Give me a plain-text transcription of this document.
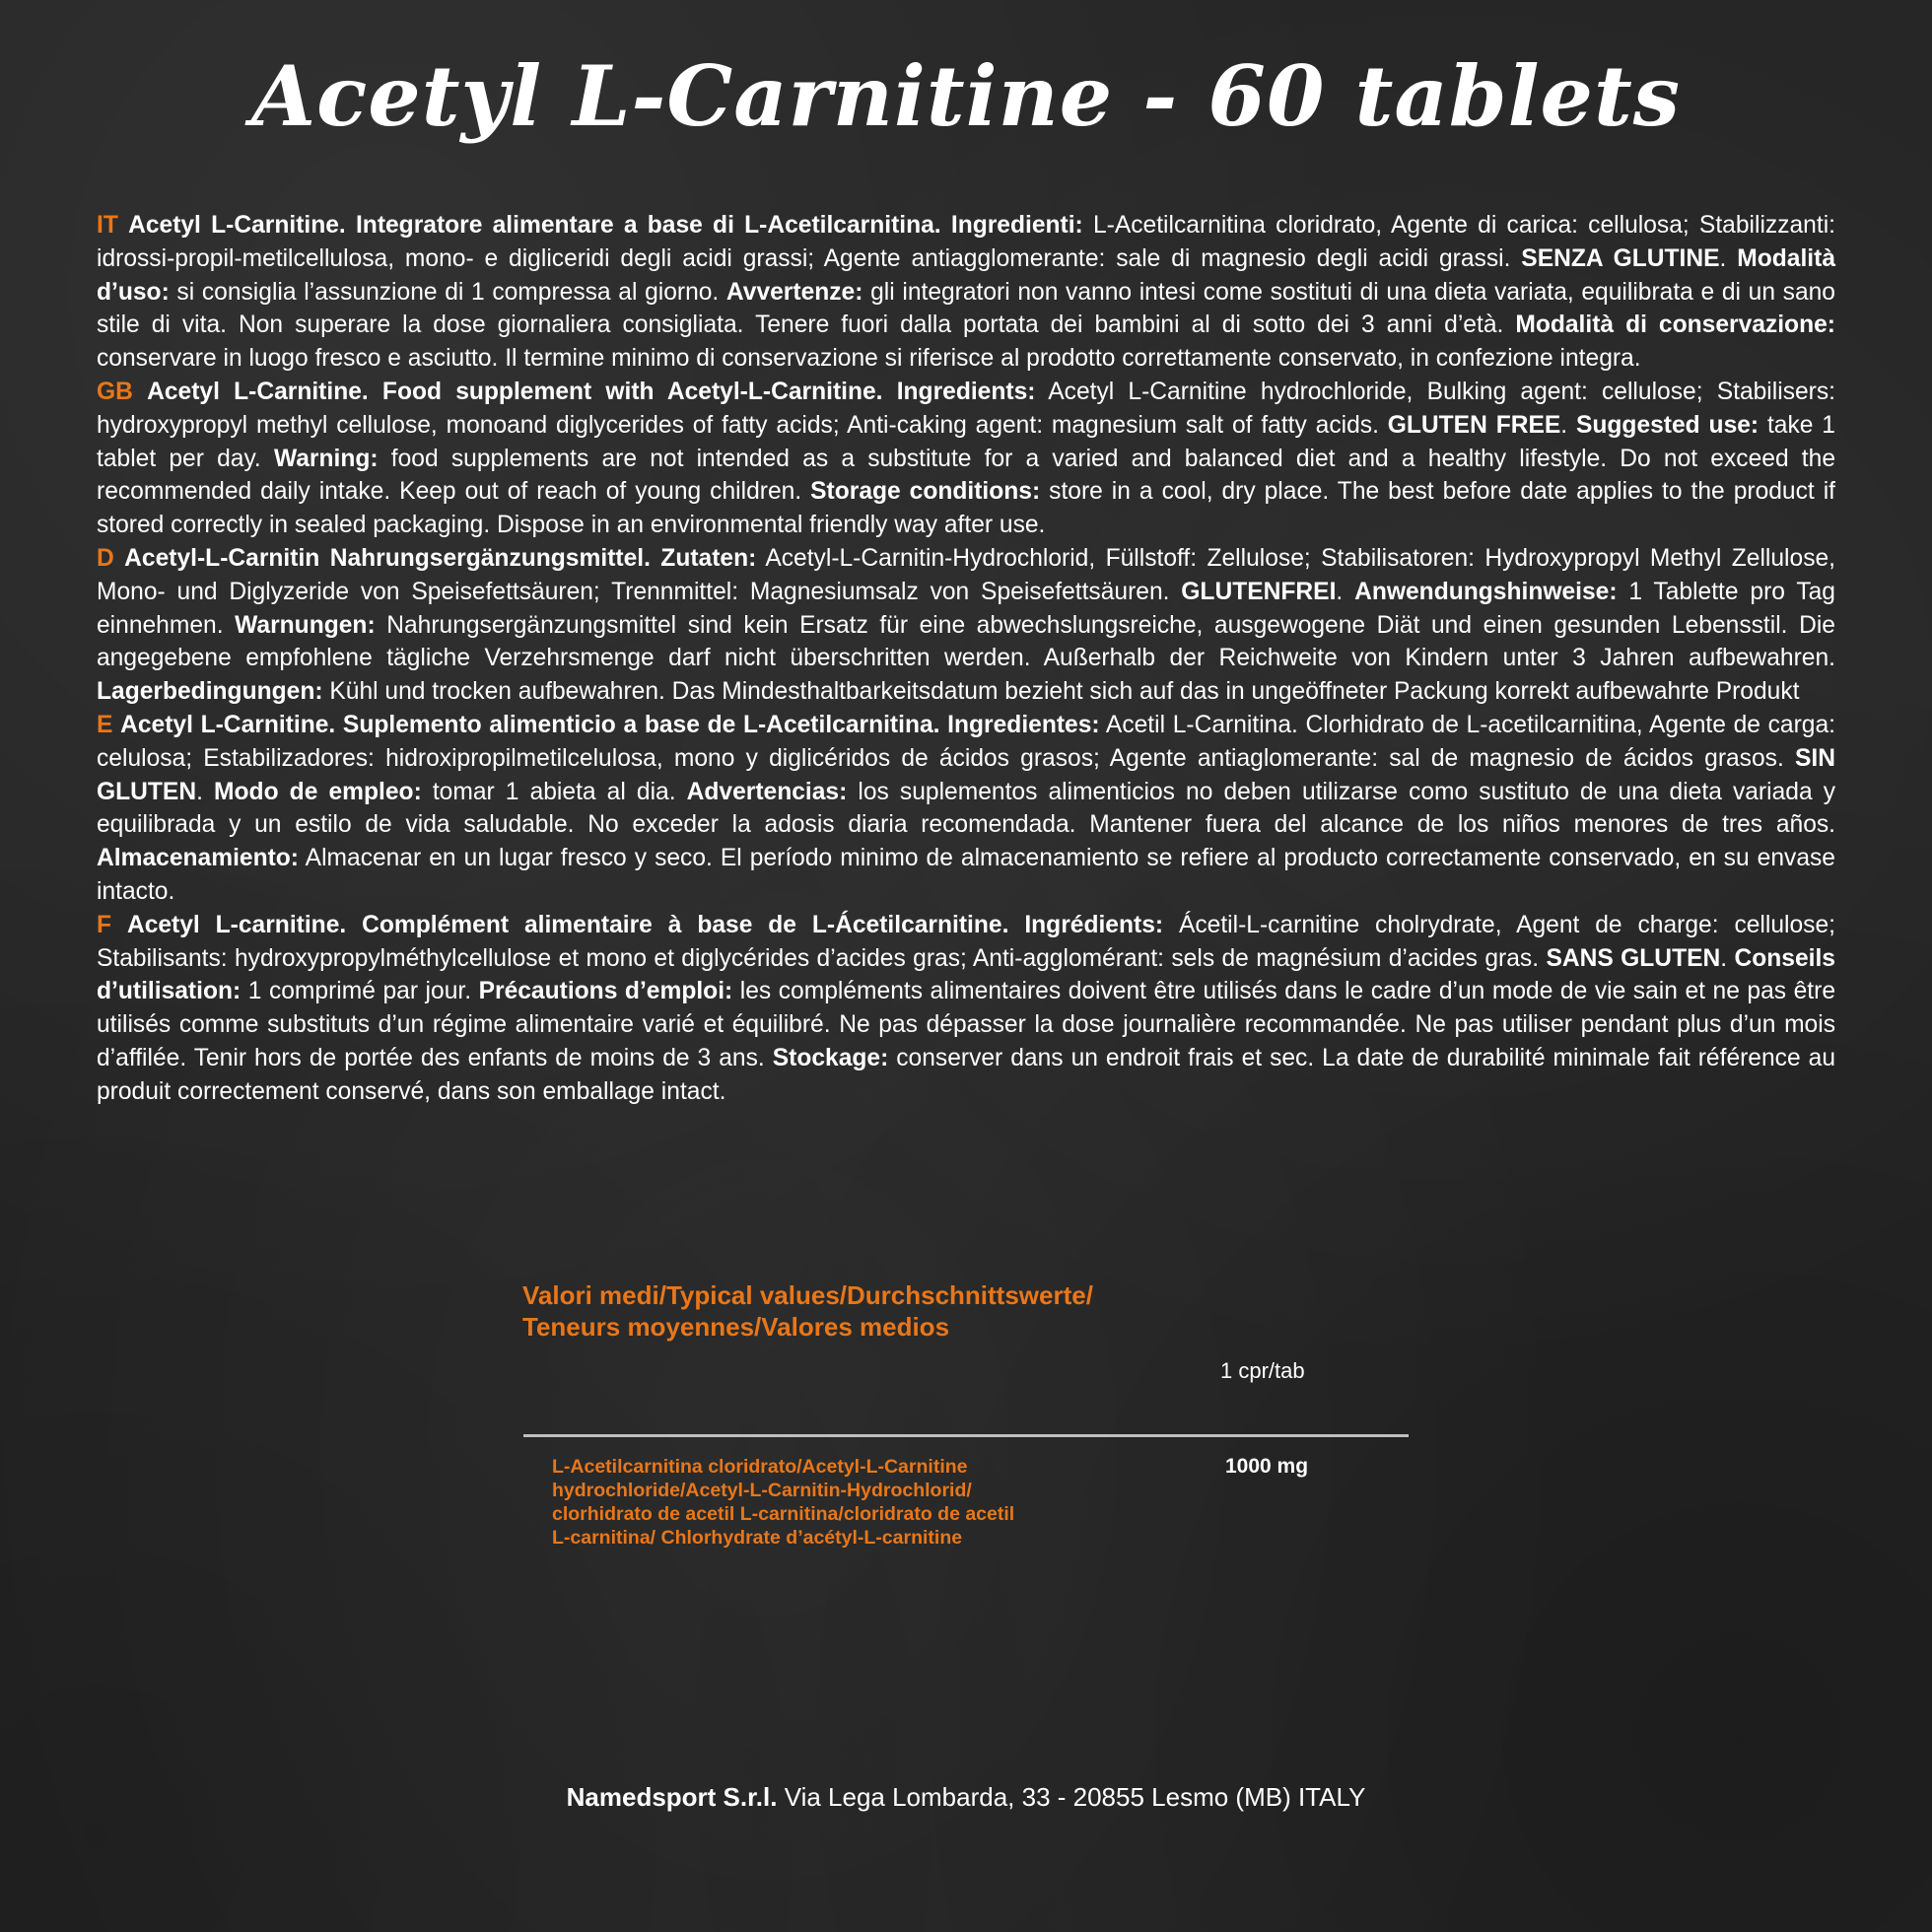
Acetyl L-Carnitine - 60 tablets

IT Acetyl L-Carnitine. Integratore alimentare a base di L-Acetilcarnitina. Ingredienti: L-Acetilcarnitina cloridrato, Agente di carica: cellulosa; Stabilizzanti: idrossi-propil-metilcellulosa, mono- e digliceridi degli acidi grassi; Agente antiagglomerante: sale di magnesio degli acidi grassi. SENZA GLUTINE. Modalità d’uso: si consiglia l’assunzione di 1 compressa al giorno. Avvertenze: gli integratori non vanno intesi come sostituti di una dieta variata, equilibrata e di un sano stile di vita. Non superare la dose giornaliera consigliata. Tenere fuori dalla portata dei bambini al di sotto dei 3 anni d’età. Modalità di conservazione: conservare in luogo fresco e asciutto. Il termine minimo di conservazione si riferisce al prodotto correttamente conservato, in confezione integra.

GB Acetyl L-Carnitine. Food supplement with Acetyl-L-Carnitine. Ingredients: Acetyl L-Carnitine hydrochloride, Bulking agent: cellulose; Stabilisers: hydroxypropyl methyl cellulose, monoand diglycerides of fatty acids; Anti-caking agent: magnesium salt of fatty acids. GLUTEN FREE. Suggested use: take 1 tablet per day. Warning: food supplements are not intended as a substitute for a varied and balanced diet and a healthy lifestyle. Do not exceed the recommended daily intake. Keep out of reach of young children. Storage conditions: store in a cool, dry place. The best before date applies to the product if stored correctly in sealed packaging. Dispose in an environmental friendly way after use.

D Acetyl-L-Carnitin Nahrungsergänzungsmittel. Zutaten: Acetyl-L-Carnitin-Hydrochlorid, Füllstoff: Zellulose; Stabilisatoren: Hydroxypropyl Methyl Zellulose, Mono- und Diglyzeride von Speisefettsäuren; Trennmittel: Magnesiumsalz von Speisefettsäuren. GLUTENFREI. Anwendungshinweise: 1 Tablette pro Tag einnehmen. Warnungen: Nahrungsergänzungsmittel sind kein Ersatz für eine abwechslungsreiche, ausgewogene Diät und einen gesunden Lebensstil. Die angegebene empfohlene tägliche Verzehrsmenge darf nicht überschritten werden. Außerhalb der Reichweite von Kindern unter 3 Jahren aufbewahren. Lagerbedingungen: Kühl und trocken aufbewahren. Das Mindesthaltbarkeitsdatum bezieht sich auf das in ungeöffneter Packung korrekt aufbewahrte Produkt

E Acetyl L-Carnitine. Suplemento alimenticio a base de L-Acetilcarnitina. Ingredientes: Acetil L-Carnitina. Clorhidrato de L-acetilcarnitina, Agente de carga: celulosa; Estabilizadores: hidroxipropilmetilcelulosa, mono y diglicéridos de ácidos grasos; Agente antiaglomerante: sal de magnesio de ácidos grasos. SIN GLUTEN. Modo de empleo: tomar 1 abieta al dia. Advertencias: los suplementos alimenticios no deben utilizarse como sustituto de una dieta variada y equilibrada y un estilo de vida saludable. No exceder la adosis diaria recomendada. Mantener fuera del alcance de los niños menores de tres años. Almacenamiento: Almacenar en un lugar fresco y seco. El período minimo de almacenamiento se refiere al producto correctamente conservado, en su envase intacto.

F Acetyl L-carnitine. Complément alimentaire à base de L-Ácetilcarnitine. Ingrédients: Ácetil-L-carnitine cholrydrate, Agent de charge: cellulose; Stabilisants: hydroxypropylméthylcellulose et mono et diglycérides d’acides gras; Anti-agglomérant: sels de magnésium d’acides gras. SANS GLUTEN. Conseils d’utilisation: 1 comprimé par jour. Précautions d’emploi: les compléments alimentaires doivent être utilisés dans le cadre d’un mode de vie sain et ne pas être utilisés comme substituts d’un régime alimentaire varié et équilibré. Ne pas dépasser la dose journalière recommandée. Ne pas utiliser pendant plus d’un mois d’affilée. Tenir hors de portée des enfants de moins de 3 ans. Stockage: conserver dans un endroit frais et sec. La date de durabilité minimale fait référence au produit correctement conservé, dans son emballage intact.

Valori medi/Typical values/Durchschnittswerte/
Teneurs moyennes/Valores medios
1 cpr/tab
L-Acetilcarnitina cloridrato/Acetyl-L-Carnitine
hydrochloride/Acetyl-L-Carnitin-Hydrochlorid/
clorhidrato de acetil L-carnitina/cloridrato de acetil
L-carnitina/ Chlorhydrate d’acétyl-L-carnitine
1000 mg
Namedsport S.r.l. Via Lega Lombarda, 33 - 20855 Lesmo (MB) ITALY
